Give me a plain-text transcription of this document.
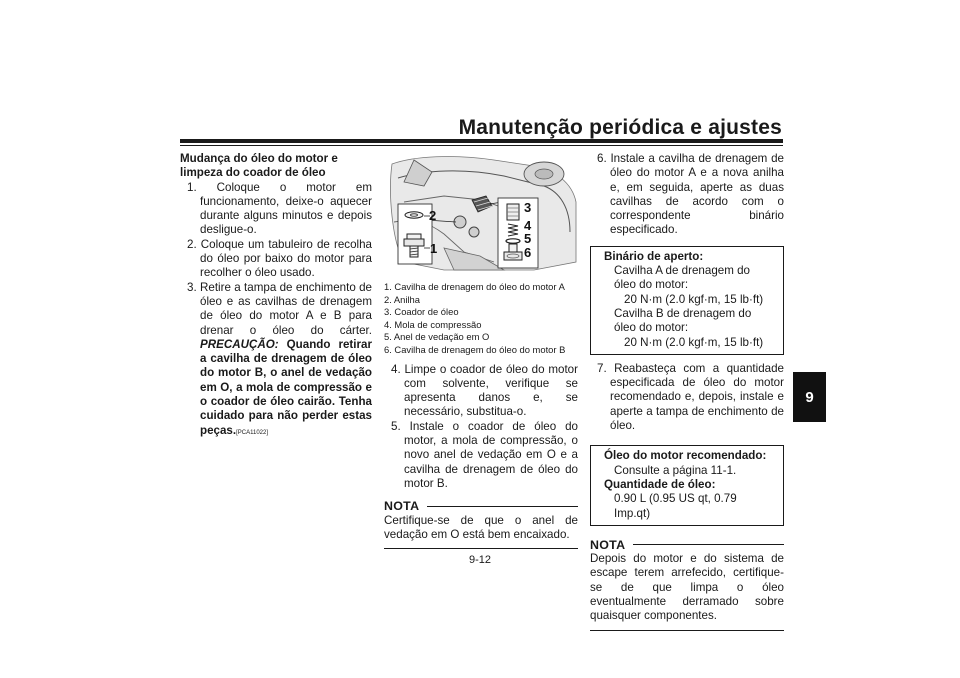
Manutenção periódica e ajustes
9

Mudança do óleo do motor e limpeza do coador de óleo

1. Coloque o motor em funcionamento, deixe-o aquecer durante alguns minutos e depois desligue-o.

2. Coloque um tabuleiro de recolha do óleo por baixo do motor para recolher o óleo usado.

3. Retire a tampa de enchimento de óleo e as cavilhas de drenagem de óleo do motor A e B para drenar o óleo do cárter. PRECAUÇÃO: Quando retirar a cavilha de drenagem de óleo do motor B, o anel de vedação em O, a mola de compressão e o coador de óleo cairão. Tenha cuidado para não perder estas peças.[PCA11022]

2
1
3
4
5
6

1. Cavilha de drenagem do óleo do motor A

2. Anilha

3. Coador de óleo

4. Mola de compressão

5. Anel de vedação em O

6. Cavilha de drenagem do óleo do motor B

4. Limpe o coador de óleo do motor com solvente, verifique se apresenta danos e, se necessário, substitua-o.

5. Instale o coador de óleo do motor, a mola de compressão, o novo anel de vedação em O e a cavilha de drenagem de óleo do motor B.

NOTA

Certifique-se de que o anel de vedação em O está bem encaixado.

6. Instale a cavilha de drenagem de óleo do motor A e a nova anilha e, em seguida, aperte as duas cavilhas de acordo com o correspondente binário especificado.

Binário de aperto:

Cavilha A de drenagem do óleo do motor:

20 N·m (2.0 kgf·m, 15 lb·ft)

Cavilha B de drenagem do óleo do motor:

20 N·m (2.0 kgf·m, 15 lb·ft)

7. Reabasteça com a quantidade especificada de óleo do motor recomendado e, depois, instale e aperte a tampa de enchimento de óleo.

Óleo do motor recomendado:

Consulte a página 11-1.

Quantidade de óleo:

0.90 L (0.95 US qt, 0.79 Imp.qt)

NOTA

Depois do motor e do sistema de escape terem arrefecido, certifique-se de que limpa o óleo eventualmente derramado sobre quaisquer componentes.

9-12
